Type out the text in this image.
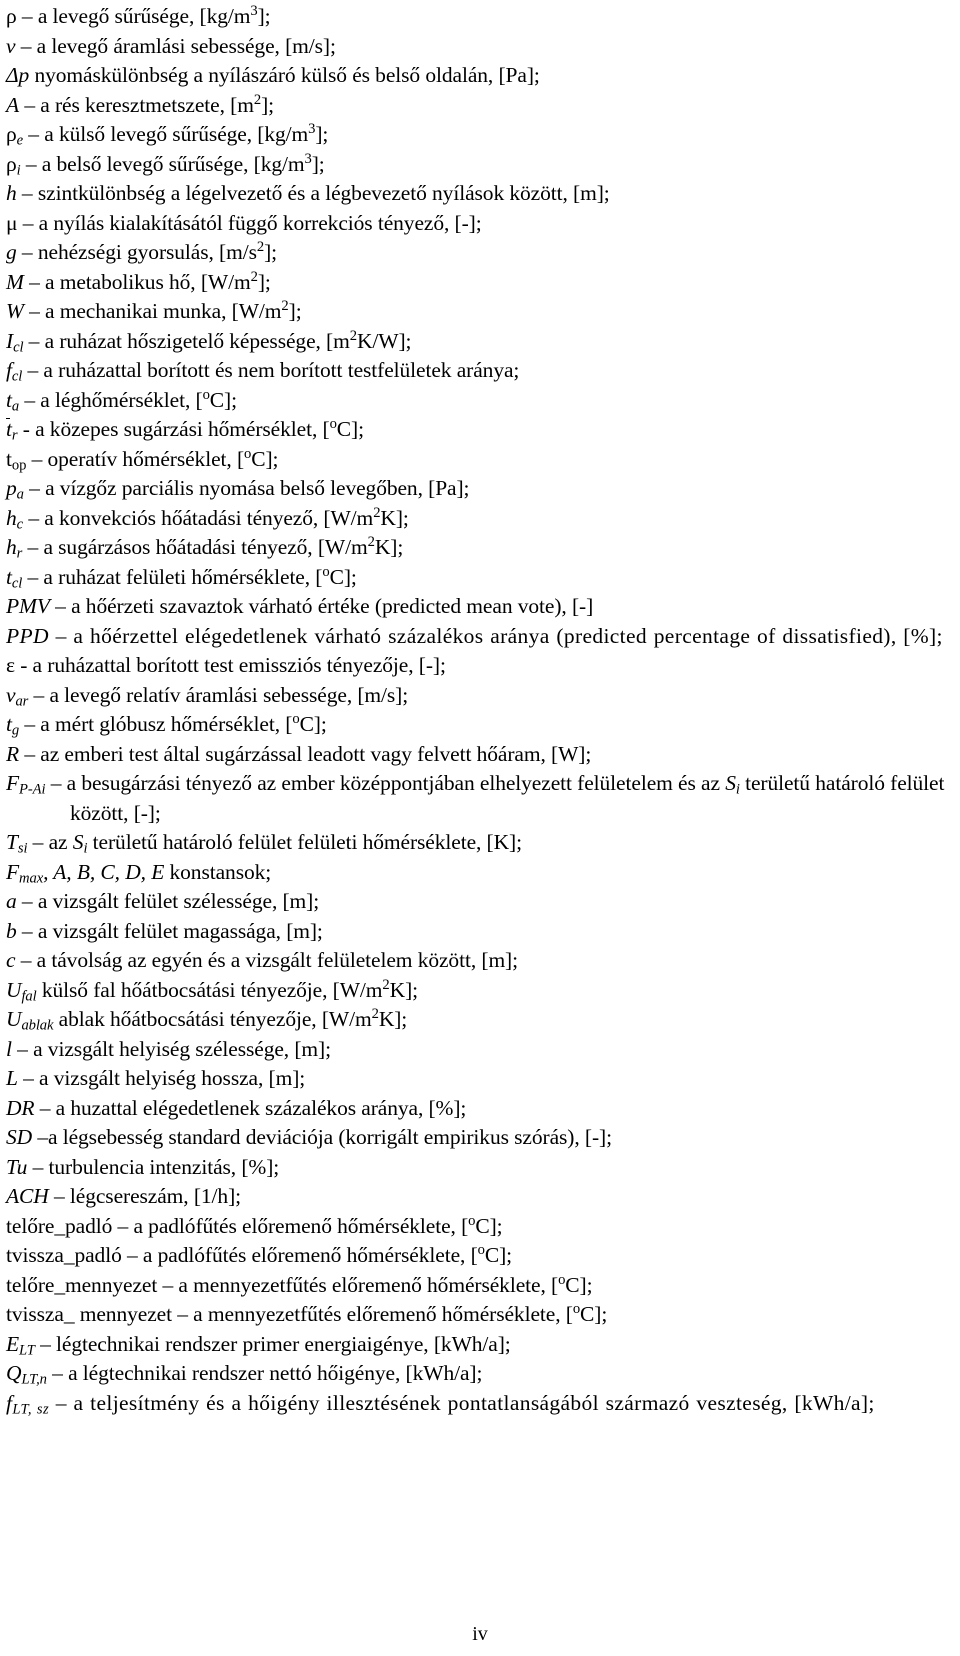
ρ – a levegő sűrűsége, $[kg/m^3]$;

v – a levegő áramlási sebessége, [m/s];

Δp nyomáskülönbség a nyílászáró külső és belső oldalán, [Pa];

A – a rés keresztmetszete, $[m^2]$;

$\rho_e$ – a külső levegő sűrűsége, $[kg/m^3]$;

$\rho_i$ – a belső levegő sűrűsége, $[kg/m^3]$;

h – szintkülönbség a légelvezető és a légbevezető nyílások között, [m];

μ – a nyílás kialakításától függő korrekciós tényező, [-];

g – nehézségi gyorsulás, $[m/s^2]$;

M – a metabolikus hő, $[W/m^2]$;

W – a mechanikai munka, $[W/m^2]$;

$I_{cl}$ – a ruházat hőszigetelő képessége, $[m^2K/W]$;

$f_{cl}$ – a ruházattal borított és nem borított testfelületek aránya;

$t_a$ – a léghőmérséklet, [$^o$C];

$t_r$ - a közepes sugárzási hőmérséklet, [$^o$C];

$t_{op}$ – operatív hőmérséklet, [$^o$C];

$p_a$ – a vízgőz parciális nyomása belső levegőben, [Pa];

$h_c$ – a konvekciós hőátadási tényező, $[W/m^2K]$;

$h_r$ – a sugárzásos hőátadási tényező, $[W/m^2K]$;

$t_{cl}$ – a ruházat felületi hőmérséklete, [$^o$C];

PMV – a hőérzeti szavaztok várható értéke (predicted mean vote), [-]

PPD – a hőérzettel elégedetlenek várható százalékos aránya (predicted percentage of dissatisfied), [%];

ε - a ruházattal borított test emissziós tényezője, [-];

$v_{ar}$ – a levegő relatív áramlási sebessége, [m/s];

$t_g$ – a mért glóbusz hőmérséklet, [$^o$C];

R – az emberi test által sugárzással leadott vagy felvett hőáram, [W];

$F_{P-Ai}$ – a besugárzási tényező az ember középpontjában elhelyezett felületelem és az $S_i$ területű határoló felület között, [-];

$T_{si}$ – az $S_i$ területű határoló felület felületi hőmérséklete, [K];

$F_{max}$, A, B, C, D, E konstansok;

a – a vizsgált felület szélessége, [m];

b – a vizsgált felület magassága, [m];

c – a távolság az egyén és a vizsgált felületelem között, [m];

$U_{fal}$ külső fal hőátbocsátási tényezője, $[W/m^2K]$;

$U_{ablak}$ ablak hőátbocsátási tényezője, $[W/m^2K]$;

l – a vizsgált helyiség szélessége, [m];

L – a vizsgált helyiség hossza, [m];

DR – a huzattal elégedetlenek százalékos aránya, [%];

SD –a légsebesség standard deviációja (korrigált empirikus szórás), [-];

Tu – turbulencia intenzitás, [%];

ACH – légcsereszám, [1/h];

telőre_padló – a padlófűtés előremenő hőmérséklete, [$^o$C];

tvissza_padló – a padlófűtés előremenő hőmérséklete, [$^o$C];

telőre_mennyezet – a mennyezetfűtés előremenő hőmérséklete, [$^o$C];

tvissza_ mennyezet – a mennyezetfűtés előremenő hőmérséklete, [$^o$C];

$E_{LT}$ – légtechnikai rendszer primer energiaigénye, [kWh/a];

$Q_{LT,n}$ – a légtechnikai rendszer nettó hőigénye, [kWh/a];

$f_{LT, sz}$ – a teljesítmény és a hőigény illesztésének pontatlanságából származó veszteség, [kWh/a];

iv
